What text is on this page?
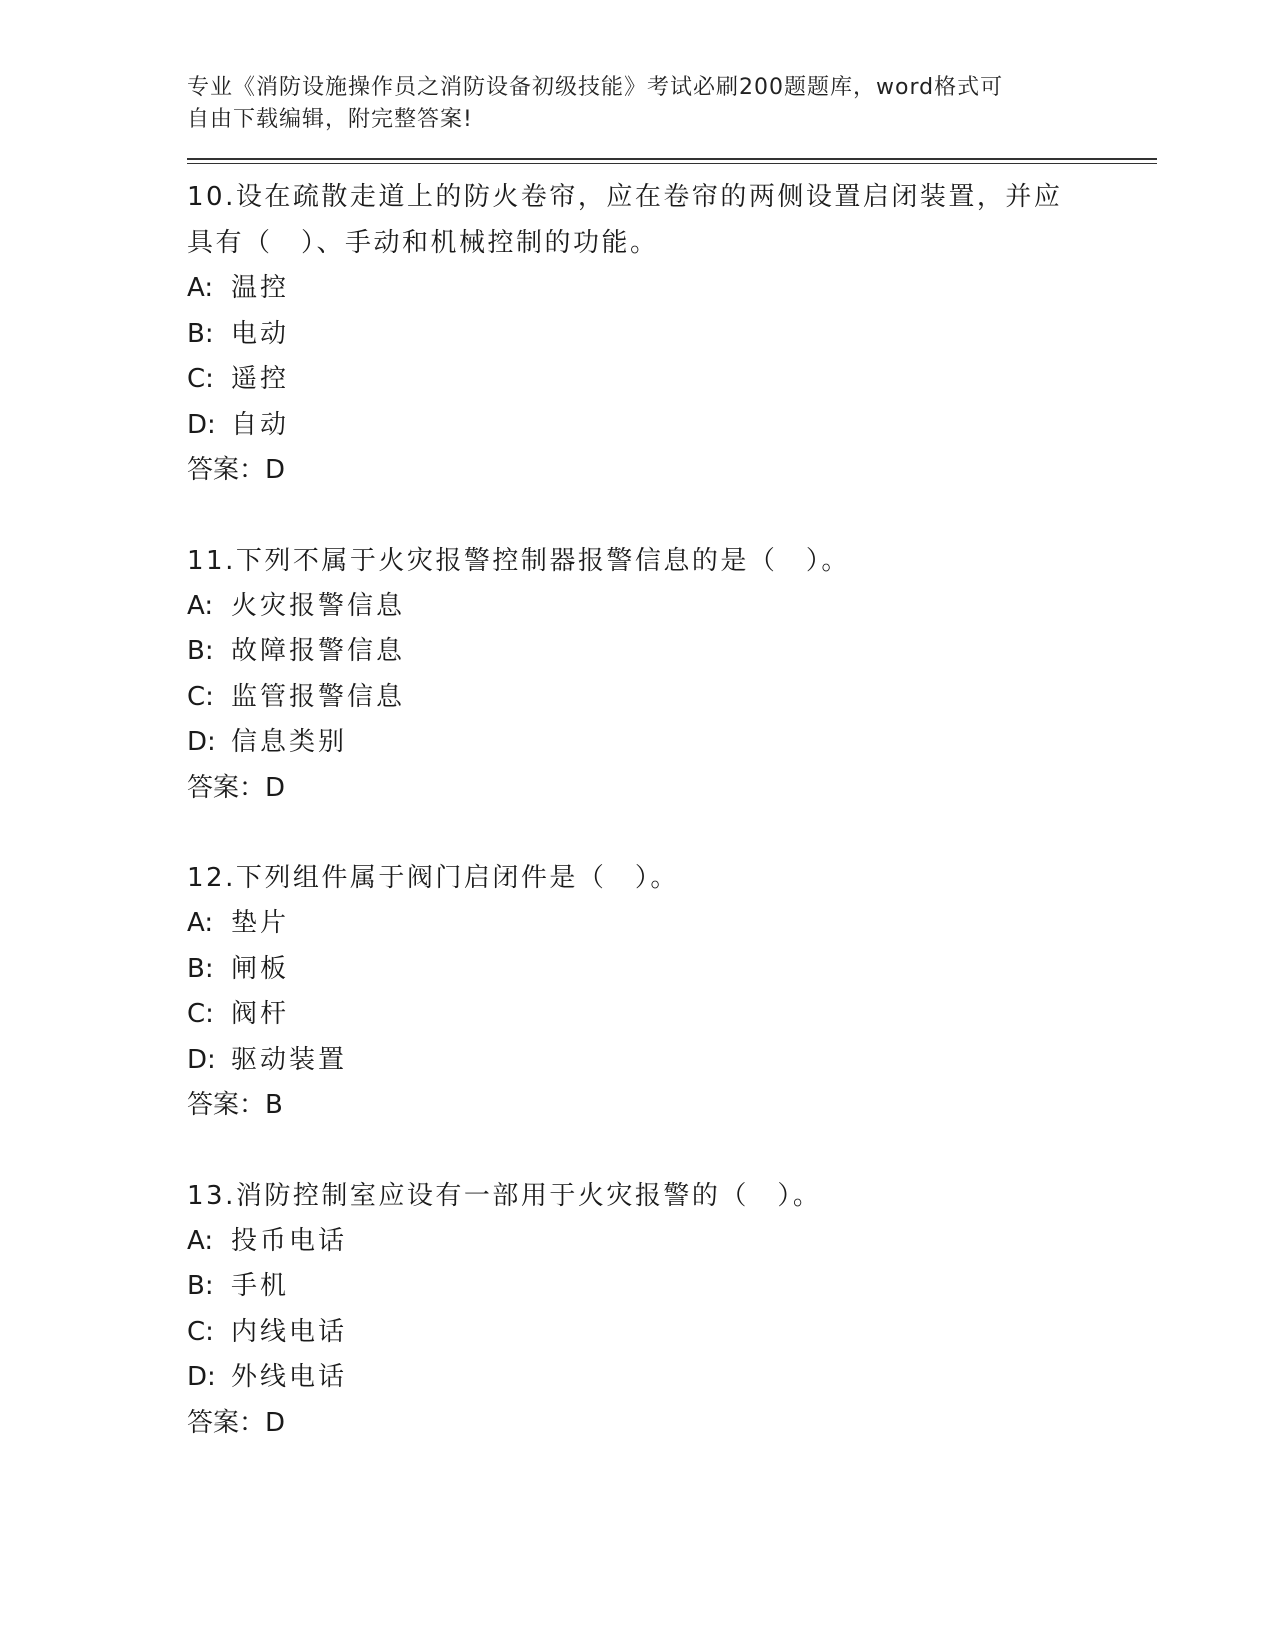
专业《消防设施操作员之消防设备初级技能》考试必刷200题题库，word格式可
自由下载编辑，附完整答案!
10.设在疏散走道上的防火卷帘，应在卷帘的两侧设置启闭装置，并应
具有（　）、手动和机械控制的功能。
A: 温控
B: 电动
C: 遥控
D: 自动
答案：D
11.下列不属于火灾报警控制器报警信息的是（　）。
A: 火灾报警信息
B: 故障报警信息
C: 监管报警信息
D: 信息类别
答案：D
12.下列组件属于阀门启闭件是（　）。
A: 垫片
B: 闸板
C: 阀杆
D: 驱动装置
答案：B
13.消防控制室应设有一部用于火灾报警的（　）。
A: 投币电话
B: 手机
C: 内线电话
D: 外线电话
答案：D
